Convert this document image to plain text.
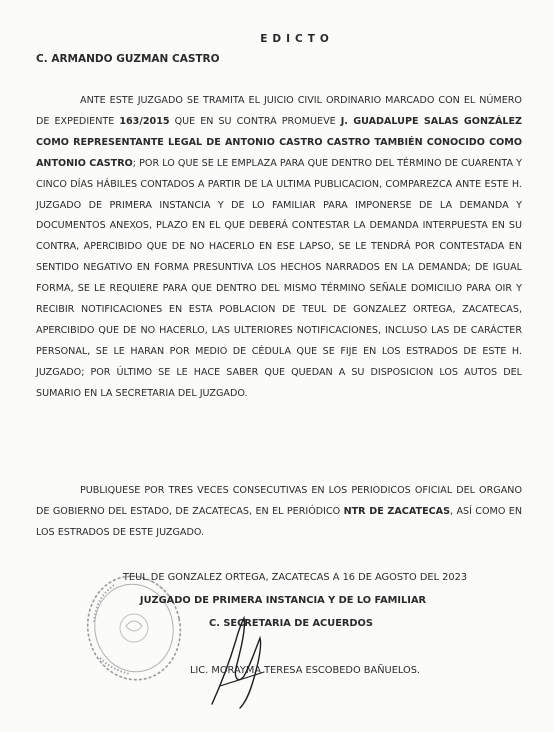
EDICTO
C. ARMANDO GUZMAN CASTRO

ANTE ESTE JUZGADO SE TRAMITA EL JUICIO CIVIL ORDINARIO MARCADO CON EL NÚMERO DE EXPEDIENTE 163/2015 QUE EN SU CONTRA PROMUEVE J. GUADALUPE SALAS GONZÁLEZ COMO REPRESENTANTE LEGAL DE ANTONIO CASTRO CASTRO TAMBIÉN CONOCIDO COMO ANTONIO CASTRO; POR LO QUE SE LE EMPLAZA PARA QUE DENTRO DEL TÉRMINO DE CUARENTA Y CINCO DÍAS HÁBILES CONTADOS A PARTIR DE LA ULTIMA PUBLICACION, COMPAREZCA ANTE ESTE H. JUZGADO DE PRIMERA INSTANCIA Y DE LO FAMILIAR PARA IMPONERSE DE LA DEMANDA Y DOCUMENTOS ANEXOS, PLAZO EN EL QUE DEBERÁ CONTESTAR LA DEMANDA INTERPUESTA EN SU CONTRA, APERCIBIDO QUE DE NO HACERLO EN ESE LAPSO, SE LE TENDRÁ POR CONTESTADA EN SENTIDO NEGATIVO EN FORMA PRESUNTIVA LOS HECHOS NARRADOS EN LA DEMANDA; DE IGUAL FORMA, SE LE REQUIERE PARA QUE DENTRO DEL MISMO TÉRMINO SEÑALE DOMICILIO PARA OIR Y RECIBIR NOTIFICACIONES EN ESTA POBLACION DE TEUL DE GONZALEZ ORTEGA, ZACATECAS, APERCIBIDO QUE DE NO HACERLO, LAS ULTERIORES NOTIFICACIONES, INCLUSO LAS DE CARÁCTER PERSONAL, SE LE HARAN POR MEDIO DE CÉDULA QUE SE FIJE EN LOS ESTRADOS DE ESTE H. JUZGADO; POR ÚLTIMO SE LE HACE SABER QUE QUEDAN A SU DISPOSICION LOS AUTOS DEL SUMARIO EN LA SECRETARIA DEL JUZGADO.

PUBLIQUESE POR TRES VECES CONSECUTIVAS EN LOS PERIODICOS OFICIAL DEL ORGANO DE GOBIERNO DEL ESTADO, DE ZACATECAS, EN EL PERIÓDICO NTR DE ZACATECAS, ASÍ COMO EN LOS ESTRADOS DE ESTE JUZGADO.

TEUL DE GONZALEZ ORTEGA, ZACATECAS A 16 DE AGOSTO DEL 2023
JUZGADO DE PRIMERA INSTANCIA Y DE LO FAMILIAR
C. SECRETARIA DE ACUERDOS
LIC. MORAYMA TERESA ESCOBEDO BAÑUELOS.
